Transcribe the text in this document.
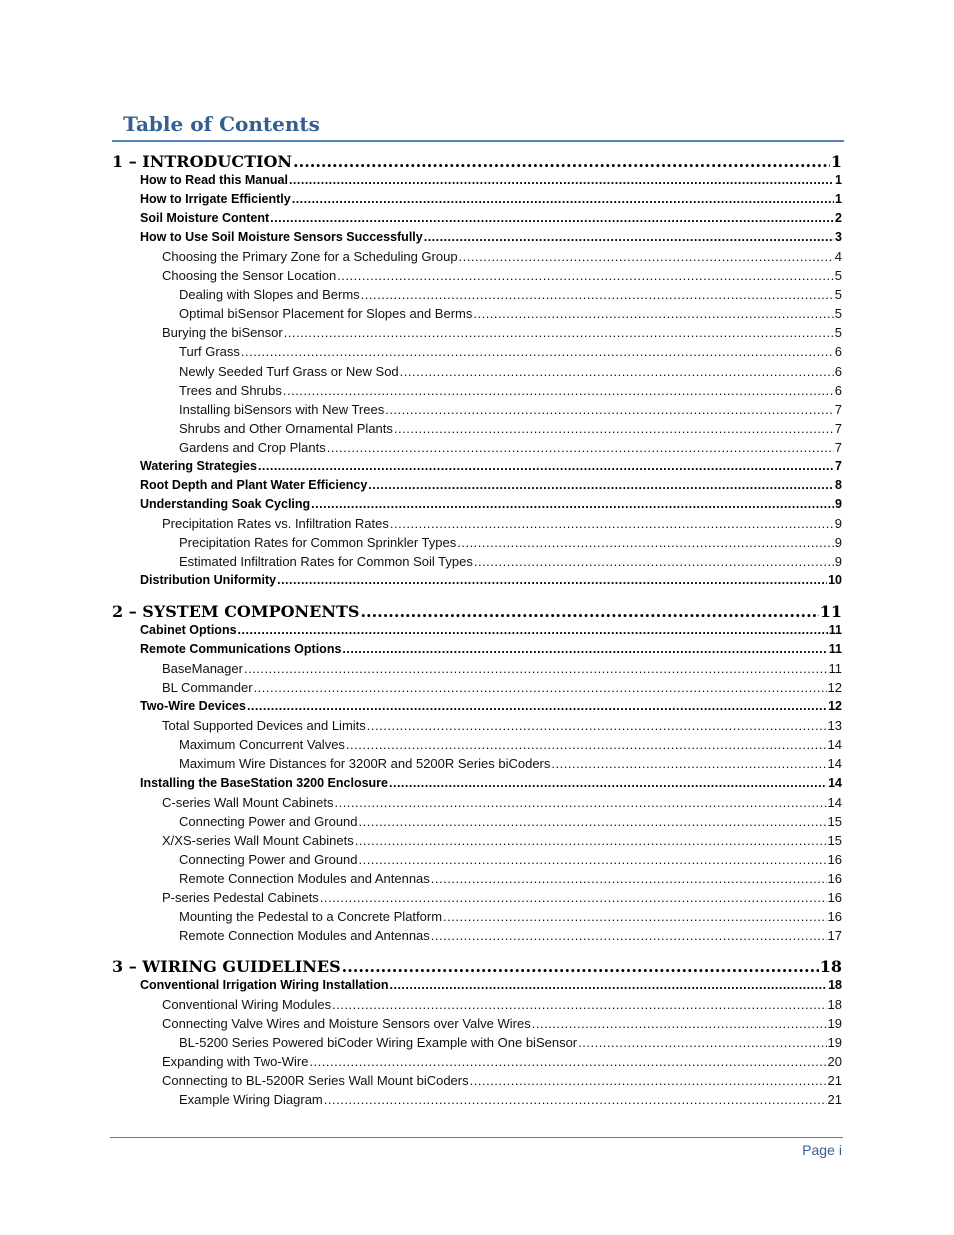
Table of Contents
1 – INTRODUCTION .....	1
How to Read this Manual .....	1
How to Irrigate Efficiently .....	1
Soil Moisture Content .....	2
How to Use Soil Moisture Sensors Successfully .....	3
Choosing the Primary Zone for a Scheduling Group .....	4
Choosing the Sensor Location .....	5
Dealing with Slopes and Berms .....	5
Optimal biSensor Placement for Slopes and Berms .....	5
Burying the biSensor .....	5
Turf Grass .....	6
Newly Seeded Turf Grass or New Sod .....	6
Trees and Shrubs .....	6
Installing biSensors with New Trees .....	7
Shrubs and Other Ornamental Plants .....	7
Gardens and Crop Plants .....	7
Watering Strategies .....	7
Root Depth and Plant Water Efficiency .....	8
Understanding Soak Cycling .....	9
Precipitation Rates vs. Infiltration Rates .....	9
Precipitation Rates for Common Sprinkler Types .....	9
Estimated Infiltration Rates for Common Soil Types .....	9
Distribution Uniformity .....	10
2 – SYSTEM COMPONENTS .....	11
Cabinet Options .....	11
Remote Communications Options .....	11
BaseManager .....	11
BL Commander .....	12
Two-Wire Devices .....	12
Total Supported Devices and Limits .....	13
Maximum Concurrent Valves .....	14
Maximum Wire Distances for 3200R and 5200R Series biCoders .....	14
Installing the BaseStation 3200 Enclosure .....	14
C-series Wall Mount Cabinets .....	14
Connecting Power and Ground .....	15
X/XS-series Wall Mount Cabinets .....	15
Connecting Power and Ground .....	16
Remote Connection Modules and Antennas .....	16
P-series Pedestal Cabinets .....	16
Mounting the Pedestal to a Concrete Platform .....	16
Remote Connection Modules and Antennas .....	17
3 – WIRING GUIDELINES .....	18
Conventional Irrigation Wiring Installation .....	18
Conventional Wiring Modules .....	18
Connecting Valve Wires and Moisture Sensors over Valve Wires .....	19
BL-5200 Series Powered biCoder Wiring Example with One biSensor .....	19
Expanding with Two-Wire .....	20
Connecting to BL-5200R Series Wall Mount biCoders .....	21
Example Wiring Diagram .....	21
Page i
